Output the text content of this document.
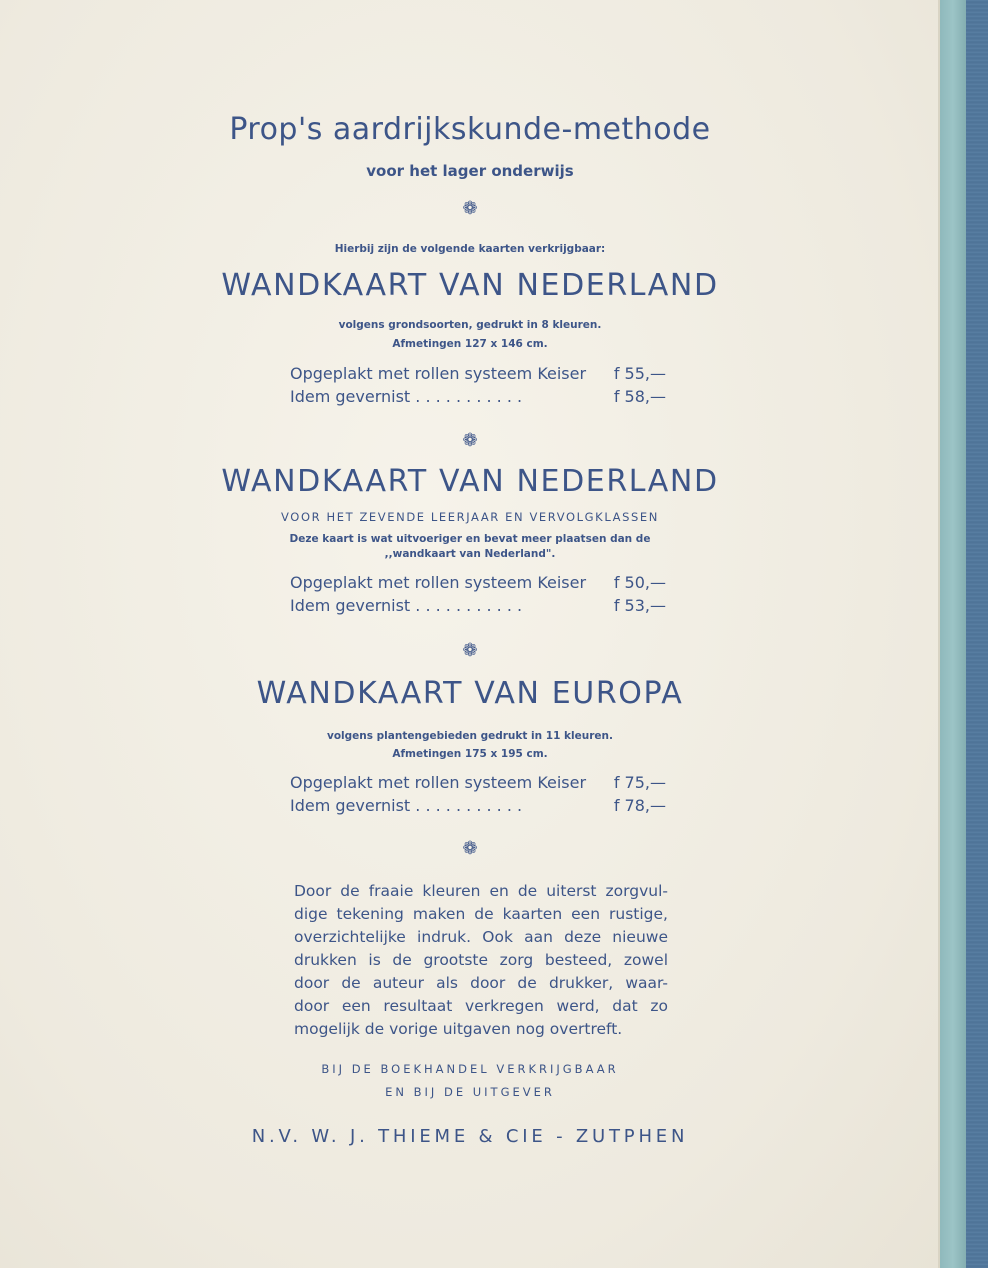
Prop's aardrijkskunde-methode

voor het lager onderwijs

❁

Hierbij zijn de volgende kaarten verkrijgbaar:

WANDKAART VAN NEDERLAND

volgens grondsoorten, gedrukt in 8 kleuren.

Afmetingen 127 x 146 cm.

Opgeplakt met rollen systeem Keiser f 55,—
Idem gevernist . . . . . . . . . . .	f 58,—

❁

WANDKAART VAN NEDERLAND

VOOR HET ZEVENDE LEERJAAR EN VERVOLGKLASSEN

Deze kaart is wat uitvoeriger en bevat meer plaatsen dan de

,,wandkaart van Nederland".

Opgeplakt met rollen systeem Keiser f 50,—
Idem gevernist . . . . . . . . . . .	f 53,—

❁

WANDKAART VAN EUROPA

volgens plantengebieden gedrukt in 11 kleuren.

Afmetingen 175 x 195 cm.

Opgeplakt met rollen systeem Keiser f 75,—
Idem gevernist . . . . . . . . . . .	f 78,—

❁

Door de fraaie kleuren en de uiterst zorgvul-
dige tekening maken de kaarten een rustige,
overzichtelijke indruk. Ook aan deze nieuwe
drukken is de grootste zorg besteed, zowel
door de auteur als door de drukker, waar-
door een resultaat verkregen werd, dat zo
mogelijk de vorige uitgaven nog overtreft.

BIJ DE BOEKHANDEL VERKRIJGBAAR

EN BIJ DE UITGEVER

N.V. W. J. THIEME & CIE - ZUTPHEN
